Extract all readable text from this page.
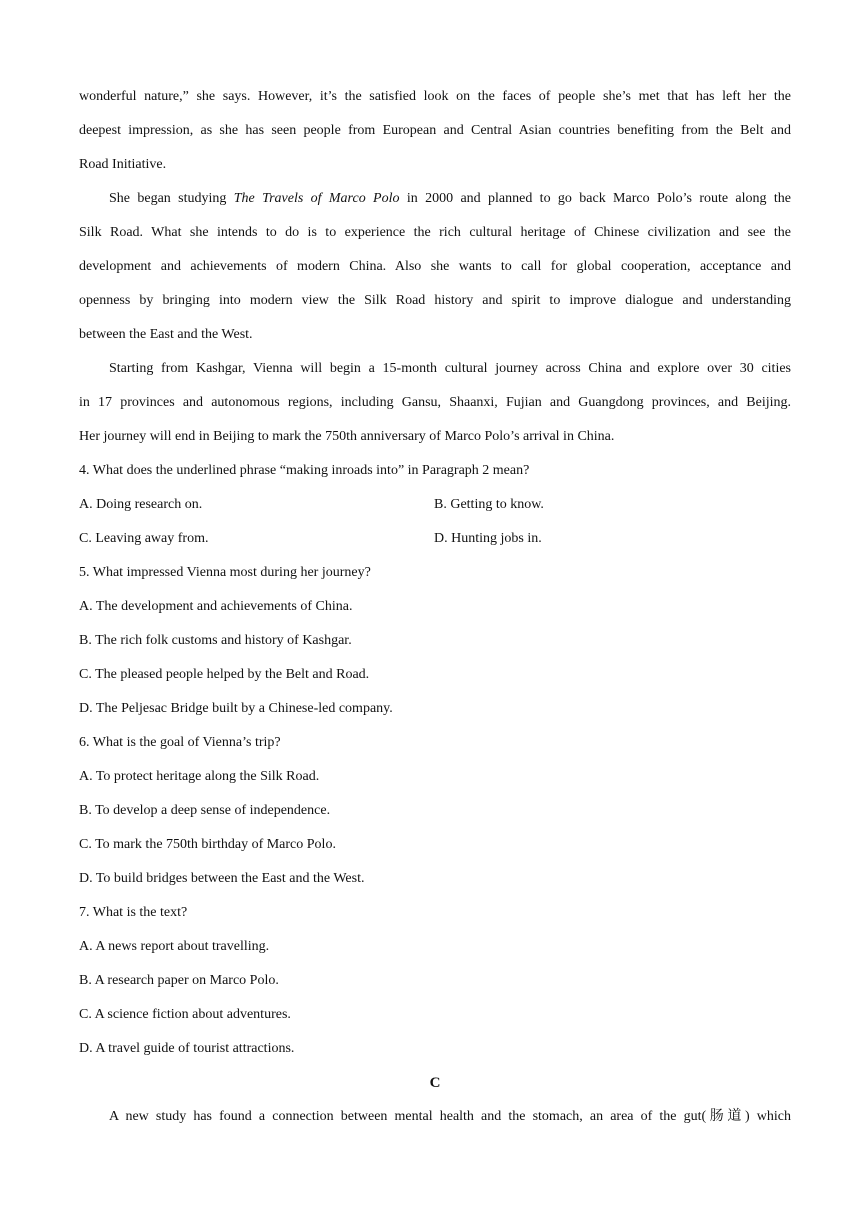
wonderful nature,” she says. However, it’s the satisfied look on the faces of people she’s met that has left her the
deepest impression, as she has seen people from European and Central Asian countries benefiting from the Belt and
Road Initiative.
She began studying The Travels of Marco Polo in 2000 and planned to go back Marco Polo’s route along the
Silk Road. What she intends to do is to experience the rich cultural heritage of Chinese civilization and see the
development and achievements of modern China. Also she wants to call for global cooperation, acceptance and
openness by bringing into modern view the Silk Road history and spirit to improve dialogue and understanding
between the East and the West.
Starting from Kashgar, Vienna will begin a 15-month cultural journey across China and explore over 30 cities
in 17 provinces and autonomous regions, including Gansu, Shaanxi, Fujian and Guangdong provinces, and Beijing.
Her journey will end in Beijing to mark the 750th anniversary of Marco Polo’s arrival in China.
4. What does the underlined phrase “making inroads into” in Paragraph 2 mean?
A. Doing research on.	B. Getting to know.
C. Leaving away from.	D. Hunting jobs in.
5. What impressed Vienna most during her journey?
A. The development and achievements of China.
B. The rich folk customs and history of Kashgar.
C. The pleased people helped by the Belt and Road.
D. The Peljesac Bridge built by a Chinese-led company.
6. What is the goal of Vienna’s trip?
A. To protect heritage along the Silk Road.
B. To develop a deep sense of independence.
C. To mark the 750th birthday of Marco Polo.
D. To build bridges between the East and the West.
7. What is the text?
A. A news report about travelling.
B. A research paper on Marco Polo.
C. A science fiction about adventures.
D. A travel guide of tourist attractions.
C
A new study has found a connection between mental health and the stomach, an area of the gut(肠道) which
